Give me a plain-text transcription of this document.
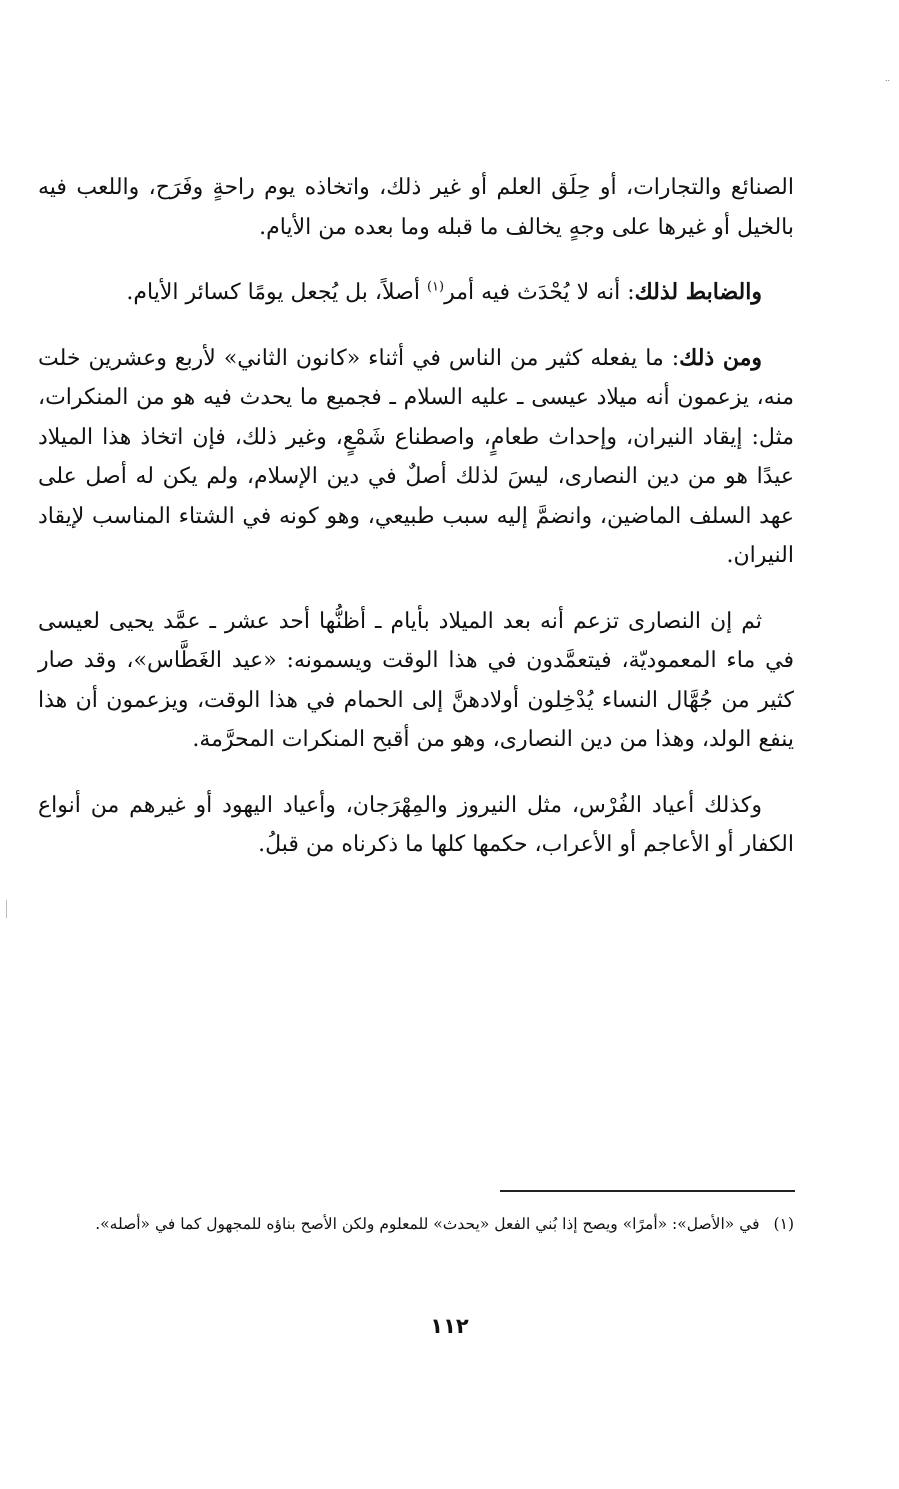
..

الصنائع والتجارات، أو حِلَق العلم أو غير ذلك، واتخاذه يوم راحةٍ وفَرَح، واللعب فيه بالخيل أو غيرها على وجهٍ يخالف ما قبله وما بعده من الأيام.

والضابط لذلك: أنه لا يُحْدَث فيه أمر$^{(١)}$ أصلاً، بل يُجعل يومًا كسائر الأيام.

ومن ذلك: ما يفعله كثير من الناس في أثناء «كانون الثاني» لأربع وعشرين خلت منه، يزعمون أنه ميلاد عيسى ـ عليه السلام ـ فجميع ما يحدث فيه هو من المنكرات، مثل: إيقاد النيران، وإحداث طعامٍ، واصطناع شَمْعٍ، وغير ذلك، فإن اتخاذ هذا الميلاد عيدًا هو من دين النصارى، ليسَ لذلك أصلٌ في دين الإسلام، ولم يكن له أصل على عهد السلف الماضين، وانضمَّ إليه سبب طبيعي، وهو كونه في الشتاء المناسب لإيقاد النيران.

ثم إن النصارى تزعم أنه بعد الميلاد بأيام ـ أظنُّها أحد عشر ـ عمَّد يحيى لعيسى في ماء المعموديّة، فيتعمَّدون في هذا الوقت ويسمونه: «عيد الغَطَّاس»، وقد صار كثير من جُهَّال النساء يُدْخِلون أولادهنَّ إلى الحمام في هذا الوقت، ويزعمون أن هذا ينفع الولد، وهذا من دين النصارى، وهو من أقبح المنكرات المحرَّمة.

وكذلك أعياد الفُرْس، مثل النيروز والمِهْرَجان، وأعياد اليهود أو غيرهم من أنواع الكفار أو الأعاجم أو الأعراب، حكمها كلها ما ذكرناه من قبلُ.

(١)في «الأصل»: «أمرًا» ويصح إذا بُني الفعل «يحدث» للمعلوم ولكن الأصح بناؤه للمجهول كما في «أصله».
١١٢
